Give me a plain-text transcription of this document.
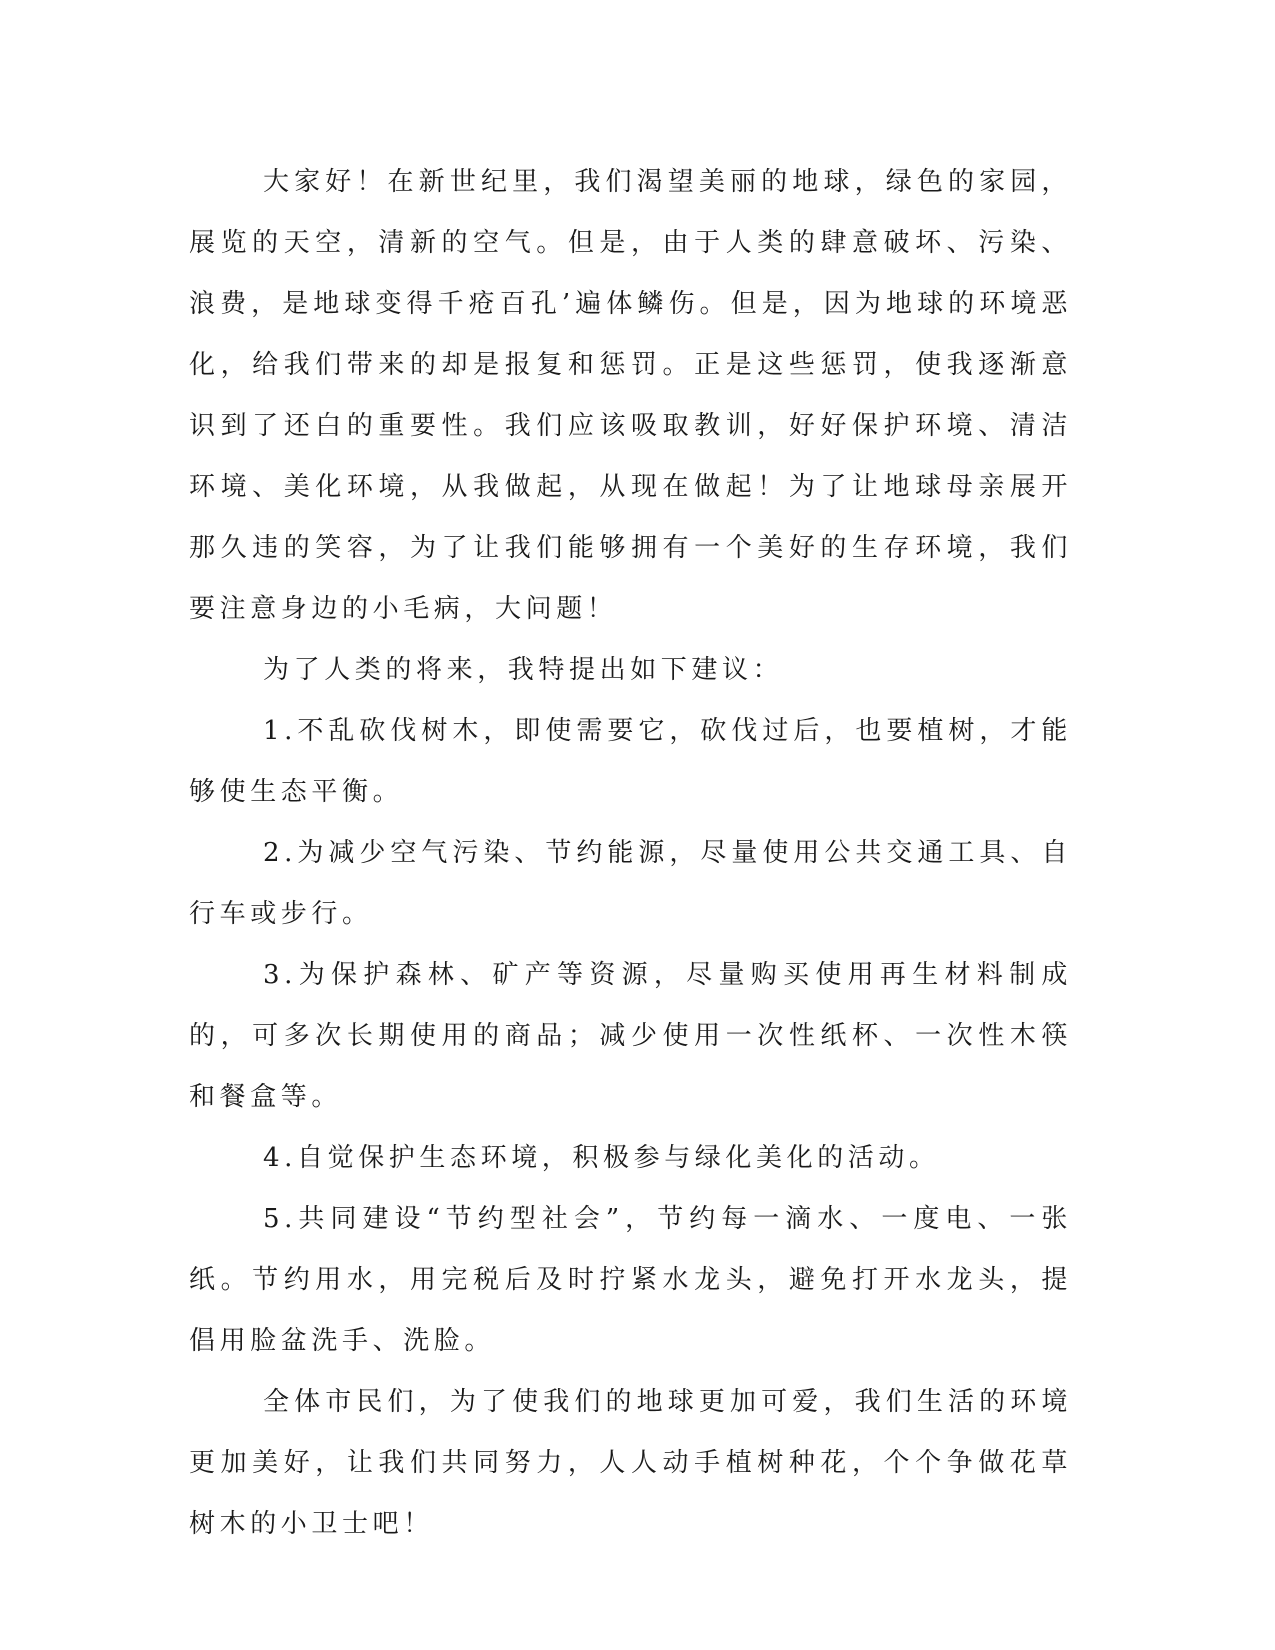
大家好！在新世纪里，我们渴望美丽的地球，绿色的家园，展览的天空，清新的空气。但是，由于人类的肆意破坏、污染、浪费，是地球变得千疮百孔’遍体鳞伤。但是，因为地球的环境恶化，给我们带来的却是报复和惩罚。正是这些惩罚，使我逐渐意识到了还白的重要性。我们应该吸取教训，好好保护环境、清洁环境、美化环境，从我做起，从现在做起！为了让地球母亲展开那久违的笑容，为了让我们能够拥有一个美好的生存环境，我们要注意身边的小毛病，大问题！

为了人类的将来，我特提出如下建议：

1.不乱砍伐树木，即使需要它，砍伐过后，也要植树，才能够使生态平衡。

2.为减少空气污染、节约能源，尽量使用公共交通工具、自行车或步行。

3.为保护森林、矿产等资源，尽量购买使用再生材料制成的，可多次长期使用的商品；减少使用一次性纸杯、一次性木筷和餐盒等。

4.自觉保护生态环境，积极参与绿化美化的活动。

5.共同建设“节约型社会”，节约每一滴水、一度电、一张纸。节约用水，用完税后及时拧紧水龙头，避免打开水龙头，提倡用脸盆洗手、洗脸。

全体市民们，为了使我们的地球更加可爱，我们生活的环境更加美好，让我们共同努力，人人动手植树种花，个个争做花草树木的小卫士吧！
